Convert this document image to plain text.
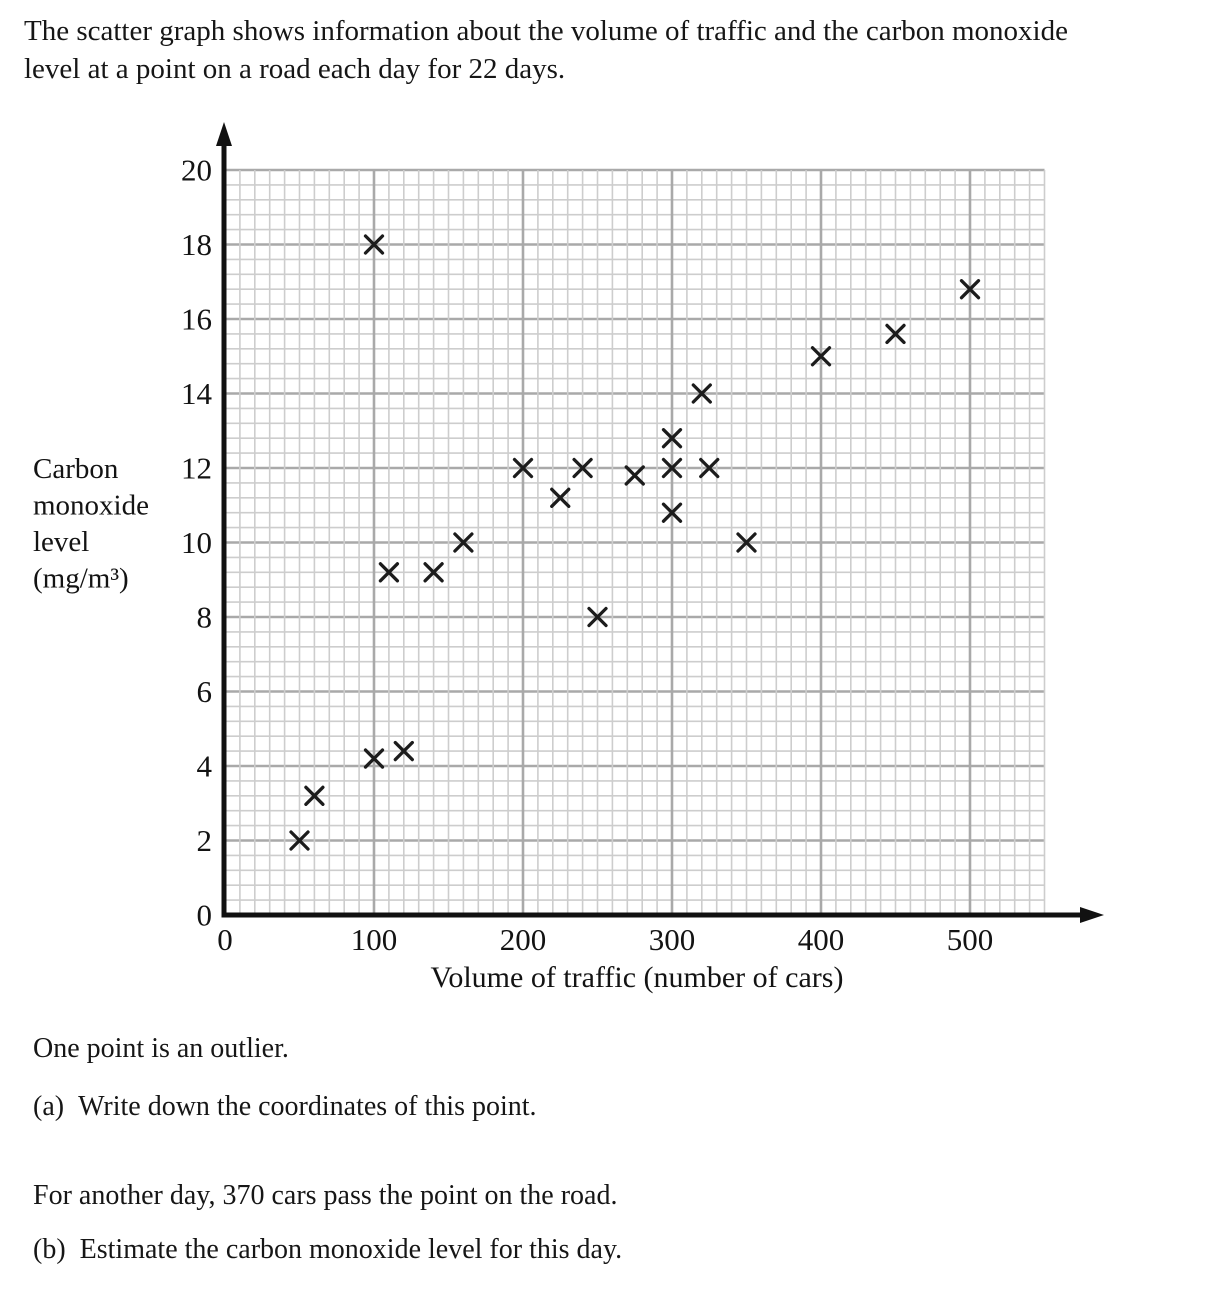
The scatter graph shows information about the volume of traffic and the carbon monoxide
level at a point on a road each day for 22 days.
0
2
4
6
8
10
12
14
16
18
20
0	100	200	300	400	500
Carbon
monoxide
level
(mg/m³)
Volume of traffic (number of cars)
One point is an outlier.
(a) Write down the coordinates of this point.
For another day, 370 cars pass the point on the road.
(b) Estimate the carbon monoxide level for this day.
